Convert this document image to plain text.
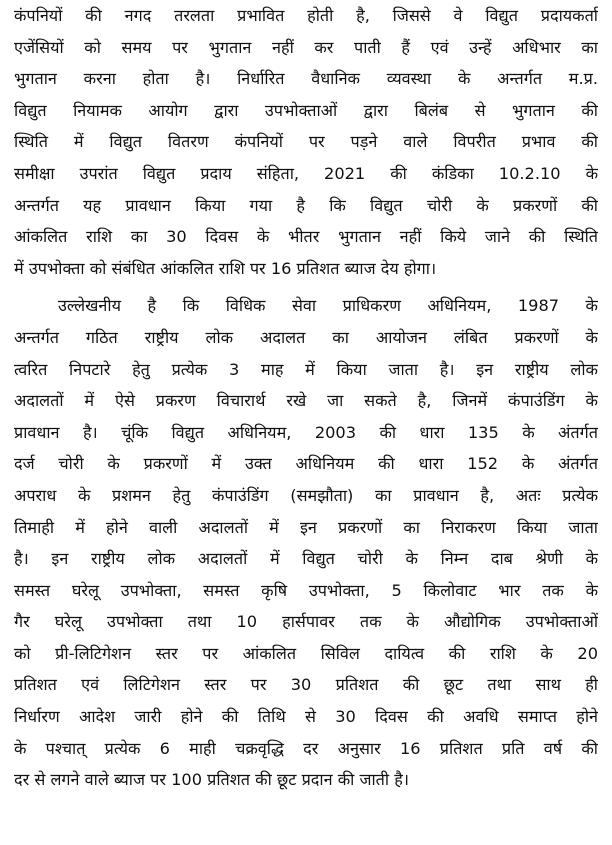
कंपनियों की नगद तरलता प्रभावित होती है, जिससे वे विद्युत प्रदायकर्ता
एजेंसियों को समय पर भुगतान नहीं कर पाती हैं एवं उन्हें अधिभार का
भुगतान करना होता है। निर्धारित वैधानिक व्यवस्था के अन्तर्गत म.प्र.
विद्युत नियामक आयोग द्वारा उपभोक्ताओं द्वारा बिलंब से भुगतान की
स्थिति में विद्युत वितरण कंपनियों पर पड़ने वाले विपरीत प्रभाव की
समीक्षा उपरांत विद्युत प्रदाय संहिता, 2021 की कंडिका 10.2.10 के
अन्तर्गत यह प्रावधान किया गया है कि विद्युत चोरी के प्रकरणों की
आंकलित राशि का 30 दिवस के भीतर भुगतान नहीं किये जाने की स्थिति
में उपभोक्ता को संबंधित आंकलित राशि पर 16 प्रतिशत ब्याज देय होगा।
उल्लेखनीय है कि विधिक सेवा प्राधिकरण अधिनियम, 1987 के
अन्तर्गत गठित राष्ट्रीय लोक अदालत का आयोजन लंबित प्रकरणों के
त्वरित निपटारे हेतु प्रत्येक 3 माह में किया जाता है। इन राष्ट्रीय लोक
अदालतों में ऐसे प्रकरण विचारार्थ रखे जा सकते है, जिनमें कंपाउंडिंग के
प्रावधान है। चूंकि विद्युत अधिनियम, 2003 की धारा 135 के अंतर्गत
दर्ज चोरी के प्रकरणों में उक्त अधिनियम की धारा 152 के अंतर्गत
अपराध के प्रशमन हेतु कंपाउंडिंग (समझौता) का प्रावधान है, अतः प्रत्येक
तिमाही में होने वाली अदालतों में इन प्रकरणों का निराकरण किया जाता
है। इन राष्ट्रीय लोक अदालतों में विद्युत चोरी के निम्न दाब श्रेणी के
समस्त घरेलू उपभोक्ता, समस्त कृषि उपभोक्ता, 5 किलोवाट भार तक के
गैर घरेलू उपभोक्ता तथा 10 हार्सपावर तक के औद्योगिक उपभोक्ताओं
को प्री-लिटिगेशन स्तर पर आंकलित सिविल दायित्व की राशि के 20
प्रतिशत एवं लिटिगेशन स्तर पर 30 प्रतिशत की छूट तथा साथ ही
निर्धारण आदेश जारी होने की तिथि से 30 दिवस की अवधि समाप्त होने
के पश्चात् प्रत्येक 6 माही चक्रवृद्धि दर अनुसार 16 प्रतिशत प्रति वर्ष की
दर से लगने वाले ब्याज पर 100 प्रतिशत की छूट प्रदान की जाती है।
